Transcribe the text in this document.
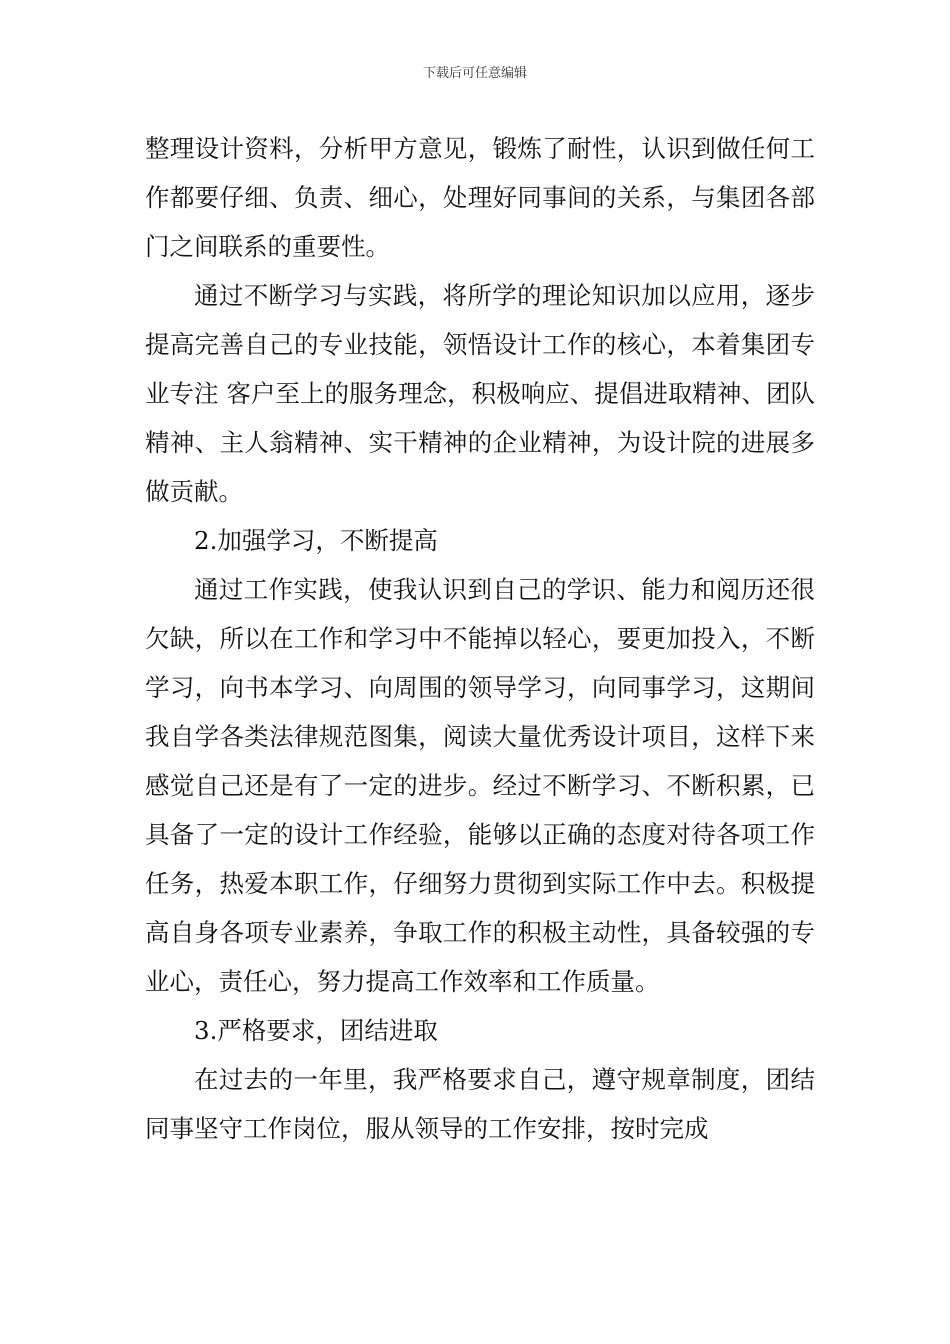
下载后可任意编辑

整理设计资料，分析甲方意见，锻炼了耐性，认识到做任何工作都要仔细、负责、细心，处理好同事间的关系，与集团各部门之间联系的重要性。

通过不断学习与实践，将所学的理论知识加以应用，逐步提高完善自己的专业技能，领悟设计工作的核心，本着集团专业专注 客户至上的服务理念，积极响应、提倡进取精神、团队精神、主人翁精神、实干精神的企业精神，为设计院的进展多做贡献。

2.加强学习，不断提高

通过工作实践，使我认识到自己的学识、能力和阅历还很欠缺，所以在工作和学习中不能掉以轻心，要更加投入，不断学习，向书本学习、向周围的领导学习，向同事学习，这期间我自学各类法律规范图集，阅读大量优秀设计项目，这样下来感觉自己还是有了一定的进步。经过不断学习、不断积累，已具备了一定的设计工作经验，能够以正确的态度对待各项工作任务，热爱本职工作，仔细努力贯彻到实际工作中去。积极提高自身各项专业素养，争取工作的积极主动性，具备较强的专业心，责任心，努力提高工作效率和工作质量。

3.严格要求，团结进取

在过去的一年里，我严格要求自己，遵守规章制度，团结同事坚守工作岗位，服从领导的工作安排，按时完成
